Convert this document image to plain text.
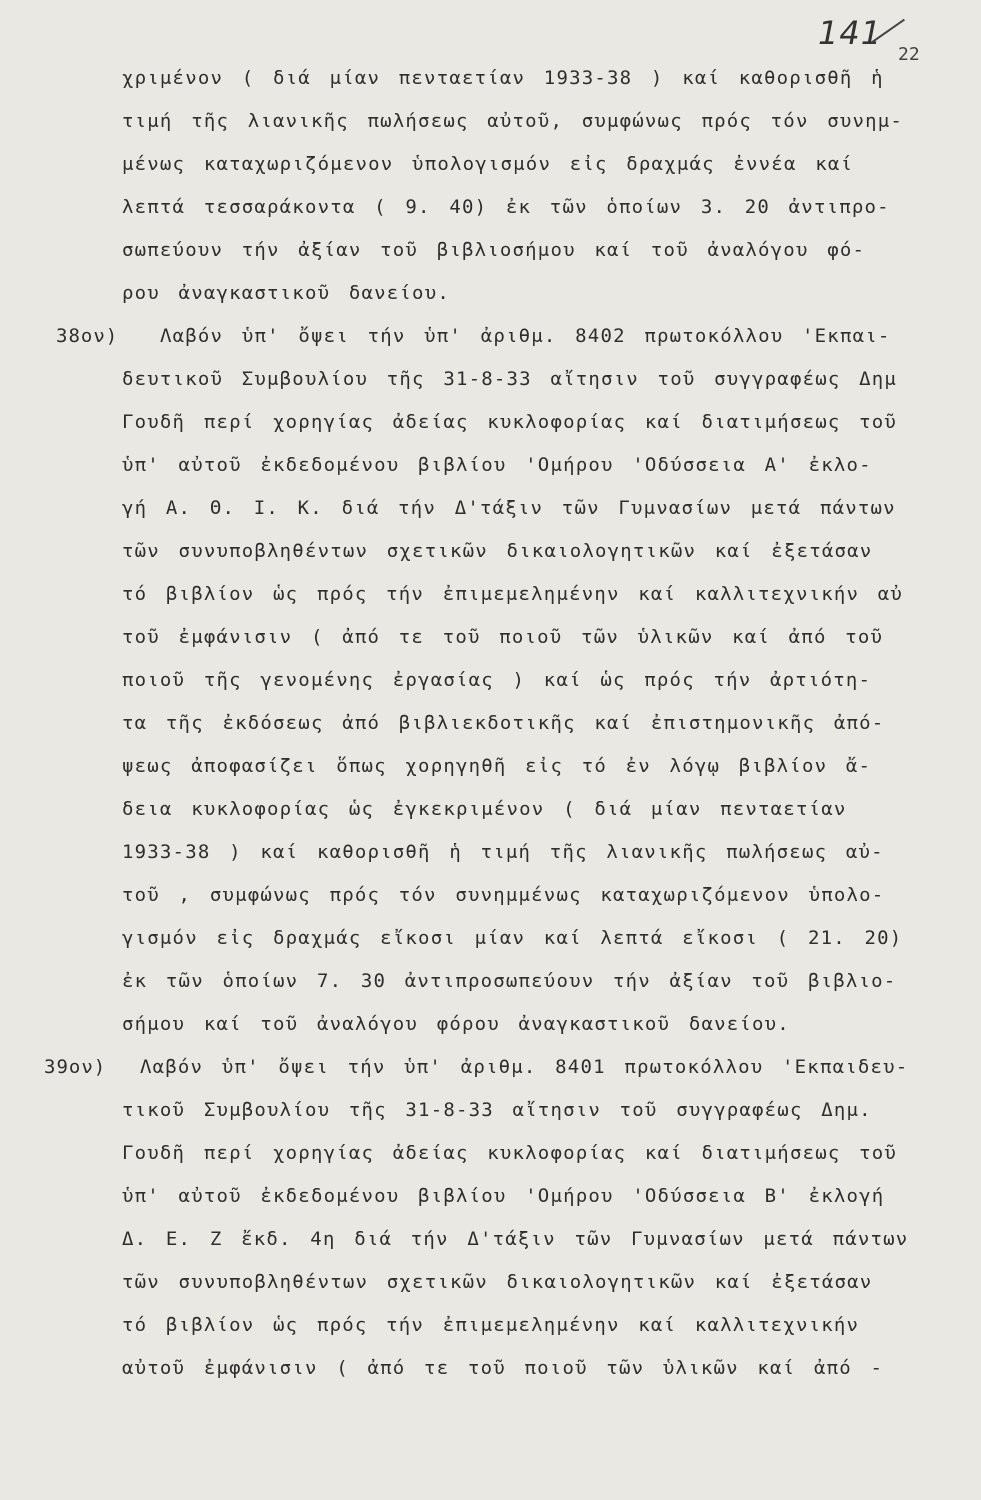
141
22
χριμένον ( διά μίαν πενταετίαν 1933-38 ) καί καθορισθῆ ἡ
τιμή τῆς λιανικῆς πωλήσεως αὐτοῦ, συμφώνως πρός τόν συνημ-
μένως καταχωριζόμενον ὑπολογισμόν εἰς δραχμάς ἐννέα καί
λεπτά τεσσαράκοντα ( 9. 40) ἐκ τῶν ὁποίων 3. 20 ἀντιπρο-
σωπεύουν τήν ἀξίαν τοῦ βιβλιοσήμου καί τοῦ ἀναλόγου φό-
ρου ἀναγκαστικοῦ δανείου.
38ον) Λαβόν ὑπ' ὄψει τήν ὑπ' ἀριθμ. 8402 πρωτοκόλλου 'Εκπαι-
δευτικοῦ Συμβουλίου τῆς 31-8-33 αἴτησιν τοῦ συγγραφέως Δημ
Γουδῆ περί χορηγίας ἀδείας κυκλοφορίας καί διατιμήσεως τοῦ
ὑπ' αὐτοῦ ἐκδεδομένου βιβλίου 'Ομήρου 'Οδύσσεια Α' ἐκλο-
γή Α. Θ. Ι. Κ. διά τήν Δ'τάξιν τῶν Γυμνασίων μετά πάντων
τῶν συνυποβληθέντων σχετικῶν δικαιολογητικῶν καί ἐξετάσαν
τό βιβλίον ὡς πρός τήν ἐπιμεμελημένην καί καλλιτεχνικήν αὐ
τοῦ ἐμφάνισιν ( ἀπό τε τοῦ ποιοῦ τῶν ὑλικῶν καί ἀπό τοῦ
ποιοῦ τῆς γενομένης ἐργασίας ) καί ὡς πρός τήν ἀρτιότη-
τα τῆς ἐκδόσεως ἀπό βιβλιεκδοτικῆς καί ἐπιστημονικῆς ἀπό-
ψεως ἀποφασίζει ὅπως χορηγηθῆ εἰς τό ἐν λόγῳ βιβλίον ἄ-
δεια κυκλοφορίας ὡς ἐγκεκριμένον ( διά μίαν πενταετίαν
1933-38 ) καί καθορισθῆ ἡ τιμή τῆς λιανικῆς πωλήσεως αὐ-
τοῦ , συμφώνως πρός τόν συνημμένως καταχωριζόμενον ὑπολο-
γισμόν εἰς δραχμάς εἴκοσι μίαν καί λεπτά εἴκοσι ( 21. 20)
ἐκ τῶν ὁποίων 7. 30 ἀντιπροσωπεύουν τήν ἀξίαν τοῦ βιβλιο-
σήμου καί τοῦ ἀναλόγου φόρου ἀναγκαστικοῦ δανείου.
39ον) Λαβόν ὑπ' ὄψει τήν ὑπ' ἀριθμ. 8401 πρωτοκόλλου 'Εκπαιδευ-
τικοῦ Συμβουλίου τῆς 31-8-33 αἴτησιν τοῦ συγγραφέως Δημ.
Γουδῆ περί χορηγίας ἀδείας κυκλοφορίας καί διατιμήσεως τοῦ
ὑπ' αὐτοῦ ἐκδεδομένου βιβλίου 'Ομήρου 'Οδύσσεια Β' ἐκλογή
Δ. Ε. Ζ ἔκδ. 4η διά τήν Δ'τάξιν τῶν Γυμνασίων μετά πάντων
τῶν συνυποβληθέντων σχετικῶν δικαιολογητικῶν καί ἐξετάσαν
τό βιβλίον ὡς πρός τήν ἐπιμεμελημένην καί καλλιτεχνικήν
αὐτοῦ ἐμφάνισιν ( ἀπό τε τοῦ ποιοῦ τῶν ὑλικῶν καί ἀπό -
